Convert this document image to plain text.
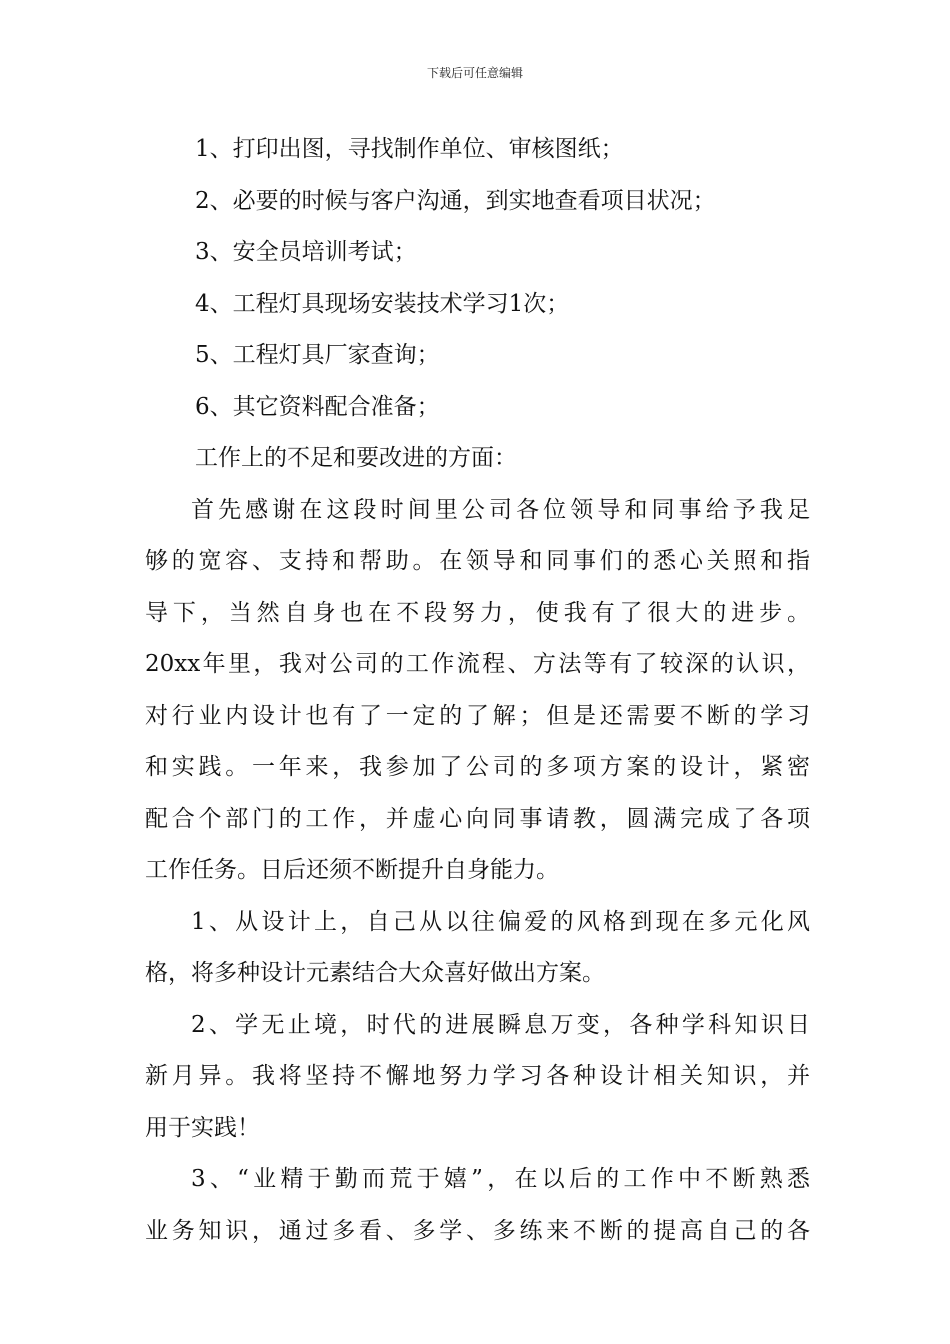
下载后可任意编辑
1、打印出图，寻找制作单位、审核图纸；
2、必要的时候与客户沟通，到实地查看项目状况；
3、安全员培训考试；
4、工程灯具现场安装技术学习1次；
5、工程灯具厂家查询；
6、其它资料配合准备；
工作上的不足和要改进的方面：
首先感谢在这段时间里公司各位领导和同事给予我足
够的宽容、支持和帮助。在领导和同事们的悉心关照和指
导下，当然自身也在不段努力，使我有了很大的进步。
20xx年里，我对公司的工作流程、方法等有了较深的认识，
对行业内设计也有了一定的了解；但是还需要不断的学习
和实践。一年来，我参加了公司的多项方案的设计，紧密
配合个部门的工作，并虚心向同事请教，圆满完成了各项
工作任务。日后还须不断提升自身能力。
1、从设计上，自己从以往偏爱的风格到现在多元化风
格，将多种设计元素结合大众喜好做出方案。
2、学无止境，时代的进展瞬息万变，各种学科知识日
新月异。我将坚持不懈地努力学习各种设计相关知识，并
用于实践！
3、“业精于勤而荒于嬉”，在以后的工作中不断熟悉
业务知识，通过多看、多学、多练来不断的提高自己的各
